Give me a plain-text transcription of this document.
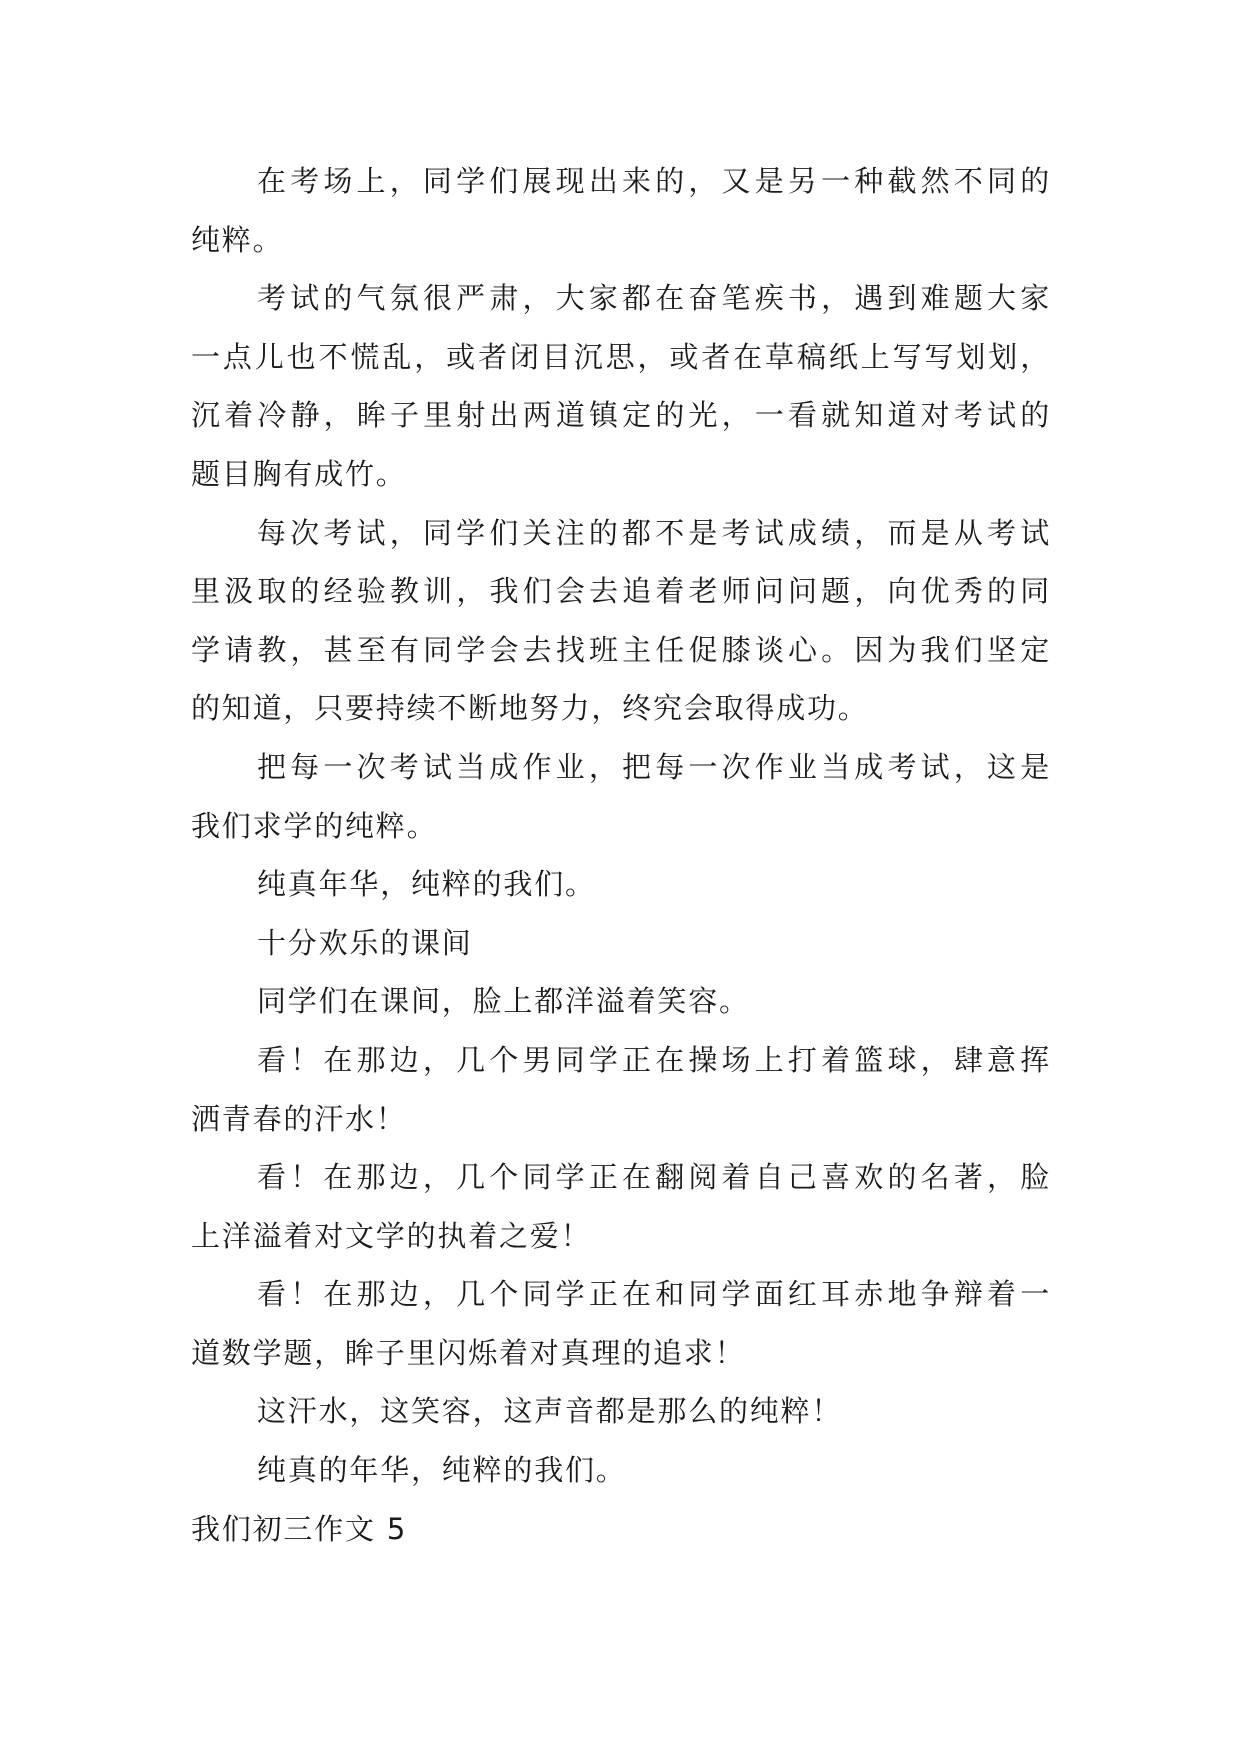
在考场上，同学们展现出来的，又是另一种截然不同的
纯粹。
考试的气氛很严肃，大家都在奋笔疾书，遇到难题大家
一点儿也不慌乱，或者闭目沉思，或者在草稿纸上写写划划，
沉着冷静，眸子里射出两道镇定的光，一看就知道对考试的
题目胸有成竹。
每次考试，同学们关注的都不是考试成绩，而是从考试
里汲取的经验教训，我们会去追着老师问问题，向优秀的同
学请教，甚至有同学会去找班主任促膝谈心。因为我们坚定
的知道，只要持续不断地努力，终究会取得成功。
把每一次考试当成作业，把每一次作业当成考试，这是
我们求学的纯粹。
纯真年华，纯粹的我们。
十分欢乐的课间
同学们在课间，脸上都洋溢着笑容。
看！在那边，几个男同学正在操场上打着篮球，肆意挥
洒青春的汗水！
看！在那边，几个同学正在翻阅着自己喜欢的名著，脸
上洋溢着对文学的执着之爱！
看！在那边，几个同学正在和同学面红耳赤地争辩着一
道数学题，眸子里闪烁着对真理的追求！
这汗水，这笑容，这声音都是那么的纯粹！
纯真的年华，纯粹的我们。
我们初三作文 5
